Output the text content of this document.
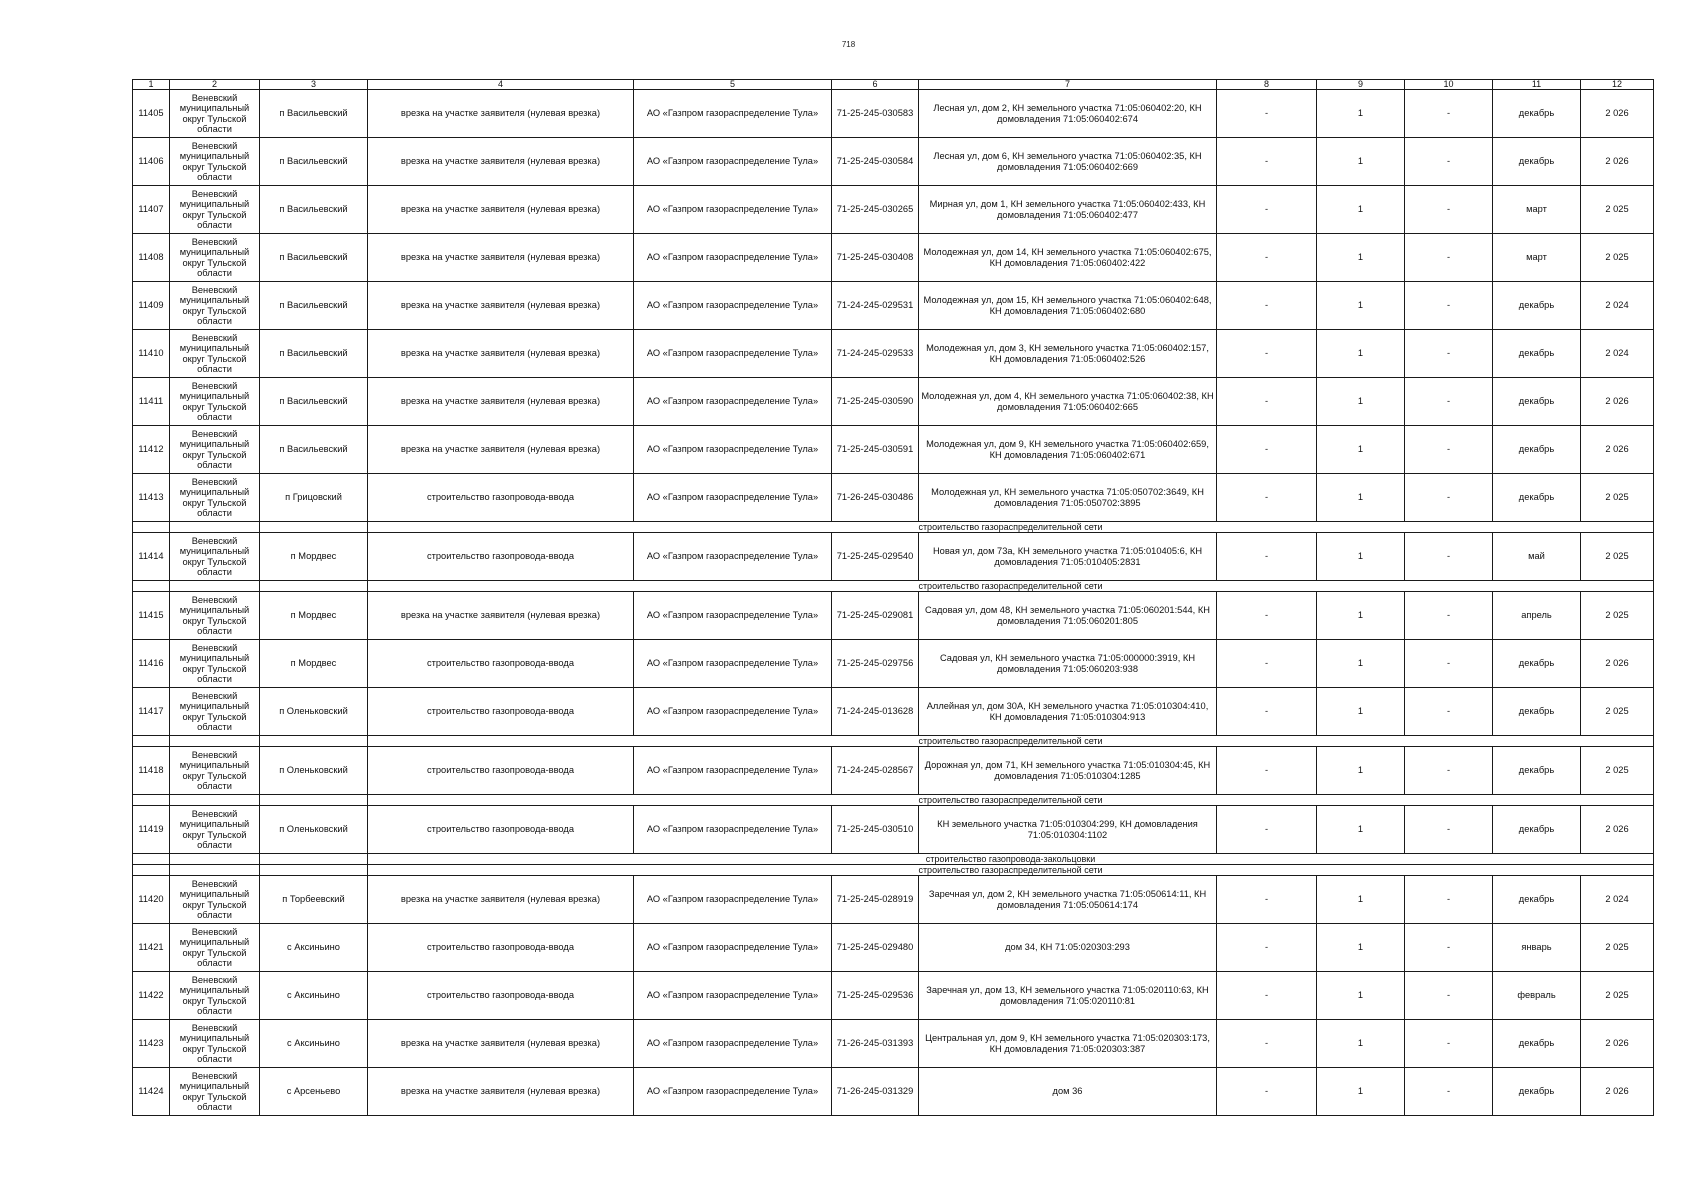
718
1	2	3	4	5	6	7	8	9	10	11	12
11405	Веневский муниципальный округ Тульской области	п Васильевский	врезка на участке заявителя (нулевая врезка)	АО «Газпром газораспределение Тула»	71-25-245-030583	Лесная ул, дом 2, КН земельного участка 71:05:060402:20, КН домовладения 71:05:060402:674	-	1	-	декабрь	2 026
11406	Веневский муниципальный округ Тульской области	п Васильевский	врезка на участке заявителя (нулевая врезка)	АО «Газпром газораспределение Тула»	71-25-245-030584	Лесная ул, дом 6, КН земельного участка 71:05:060402:35, КН домовладения 71:05:060402:669	-	1	-	декабрь	2 026
11407	Веневский муниципальный округ Тульской области	п Васильевский	врезка на участке заявителя (нулевая врезка)	АО «Газпром газораспределение Тула»	71-25-245-030265	Мирная ул, дом 1, КН земельного участка 71:05:060402:433, КН домовладения 71:05:060402:477	-	1	-	март	2 025
11408	Веневский муниципальный округ Тульской области	п Васильевский	врезка на участке заявителя (нулевая врезка)	АО «Газпром газораспределение Тула»	71-25-245-030408	Молодежная ул, дом 14, КН земельного участка 71:05:060402:675, КН домовладения 71:05:060402:422	-	1	-	март	2 025
11409	Веневский муниципальный округ Тульской области	п Васильевский	врезка на участке заявителя (нулевая врезка)	АО «Газпром газораспределение Тула»	71-24-245-029531	Молодежная ул, дом 15, КН земельного участка 71:05:060402:648, КН домовладения 71:05:060402:680	-	1	-	декабрь	2 024
11410	Веневский муниципальный округ Тульской области	п Васильевский	врезка на участке заявителя (нулевая врезка)	АО «Газпром газораспределение Тула»	71-24-245-029533	Молодежная ул, дом 3, КН земельного участка 71:05:060402:157, КН домовладения 71:05:060402:526	-	1	-	декабрь	2 024
11411	Веневский муниципальный округ Тульской области	п Васильевский	врезка на участке заявителя (нулевая врезка)	АО «Газпром газораспределение Тула»	71-25-245-030590	Молодежная ул, дом 4, КН земельного участка 71:05:060402:38, КН домовладения 71:05:060402:665	-	1	-	декабрь	2 026
11412	Веневский муниципальный округ Тульской области	п Васильевский	врезка на участке заявителя (нулевая врезка)	АО «Газпром газораспределение Тула»	71-25-245-030591	Молодежная ул, дом 9, КН земельного участка 71:05:060402:659, КН домовладения 71:05:060402:671	-	1	-	декабрь	2 026
11413	Веневский муниципальный округ Тульской области	п Грицовский	строительство газопровода-ввода	АО «Газпром газораспределение Тула»	71-26-245-030486	Молодежная ул, КН земельного участка 71:05:050702:3649, КН домовладения 71:05:050702:3895	-	1	-	декабрь	2 025
			строительство газораспределительной сети								
11414	Веневский муниципальный округ Тульской области	п Мордвес	строительство газопровода-ввода	АО «Газпром газораспределение Тула»	71-25-245-029540	Новая ул, дом 73а, КН земельного участка 71:05:010405:6, КН домовладения 71:05:010405:2831	-	1	-	май	2 025
			строительство газораспределительной сети								
11415	Веневский муниципальный округ Тульской области	п Мордвес	врезка на участке заявителя (нулевая врезка)	АО «Газпром газораспределение Тула»	71-25-245-029081	Садовая ул, дом 48, КН земельного участка 71:05:060201:544, КН домовладения 71:05:060201:805	-	1	-	апрель	2 025
11416	Веневский муниципальный округ Тульской области	п Мордвес	строительство газопровода-ввода	АО «Газпром газораспределение Тула»	71-25-245-029756	Садовая ул, КН земельного участка 71:05:000000:3919, КН домовладения 71:05:060203:938	-	1	-	декабрь	2 026
11417	Веневский муниципальный округ Тульской области	п Оленьковский	строительство газопровода-ввода	АО «Газпром газораспределение Тула»	71-24-245-013628	Аллейная ул, дом 30А, КН земельного участка 71:05:010304:410, КН домовладения 71:05:010304:913	-	1	-	декабрь	2 025
			строительство газораспределительной сети								
11418	Веневский муниципальный округ Тульской области	п Оленьковский	строительство газопровода-ввода	АО «Газпром газораспределение Тула»	71-24-245-028567	Дорожная ул, дом 71, КН земельного участка 71:05:010304:45, КН домовладения 71:05:010304:1285	-	1	-	декабрь	2 025
			строительство газораспределительной сети								
11419	Веневский муниципальный округ Тульской области	п Оленьковский	строительство газопровода-ввода	АО «Газпром газораспределение Тула»	71-25-245-030510	КН земельного участка 71:05:010304:299, КН домовладения 71:05:010304:1102	-	1	-	декабрь	2 026
			строительство газопровода-закольцовки								
			строительство газораспределительной сети								
11420	Веневский муниципальный округ Тульской области	п Торбеевский	врезка на участке заявителя (нулевая врезка)	АО «Газпром газораспределение Тула»	71-25-245-028919	Заречная ул, дом 2, КН земельного участка 71:05:050614:11, КН домовладения 71:05:050614:174	-	1	-	декабрь	2 024
11421	Веневский муниципальный округ Тульской области	с Аксиньино	строительство газопровода-ввода	АО «Газпром газораспределение Тула»	71-25-245-029480	дом 34, КН 71:05:020303:293	-	1	-	январь	2 025
11422	Веневский муниципальный округ Тульской области	с Аксиньино	строительство газопровода-ввода	АО «Газпром газораспределение Тула»	71-25-245-029536	Заречная ул, дом 13, КН земельного участка 71:05:020110:63, КН домовладения 71:05:020110:81	-	1	-	февраль	2 025
11423	Веневский муниципальный округ Тульской области	с Аксиньино	врезка на участке заявителя (нулевая врезка)	АО «Газпром газораспределение Тула»	71-26-245-031393	Центральная ул, дом 9, КН земельного участка 71:05:020303:173, КН домовладения 71:05:020303:387	-	1	-	декабрь	2 026
11424	Веневский муниципальный округ Тульской области	с Арсеньево	врезка на участке заявителя (нулевая врезка)	АО «Газпром газораспределение Тула»	71-26-245-031329	дом 36	-	1	-	декабрь	2 026
